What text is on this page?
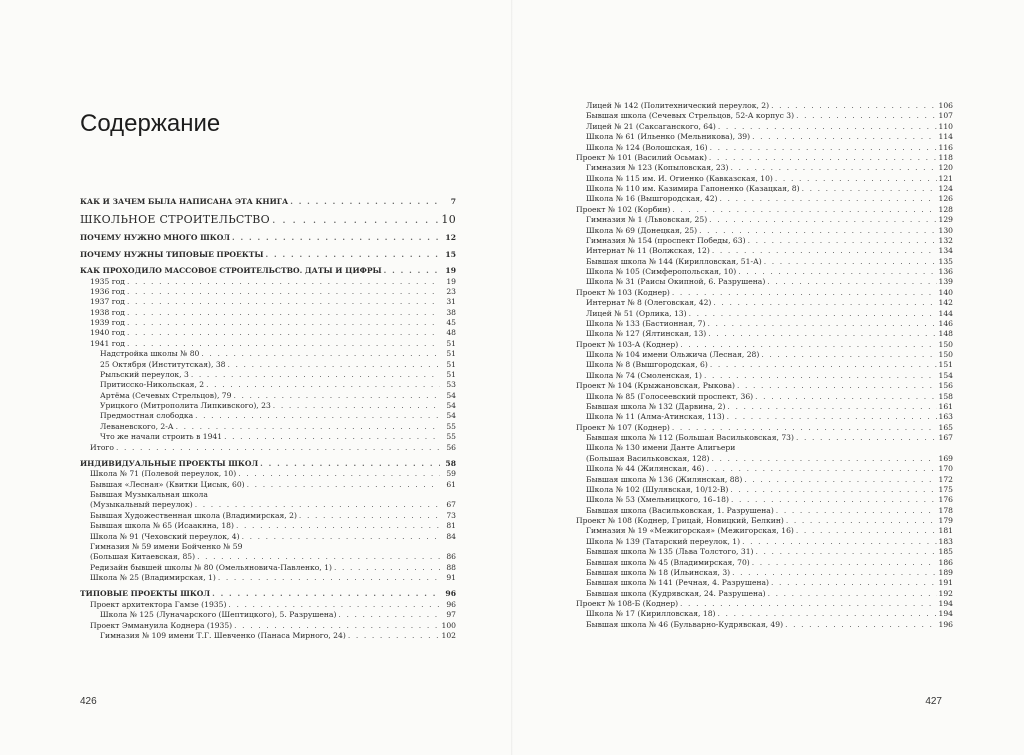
Содержание
КАК И ЗАЧЕМ БЫЛА НАПИСАНА ЭТА КНИГА . . .	7
ШКОЛЬНОЕ СТРОИТЕЛЬСТВО . . .	10
ПОЧЕМУ НУЖНО МНОГО ШКОЛ . . .	12
ПОЧЕМУ НУЖНЫ ТИПОВЫЕ ПРОЕКТЫ . . .	15
КАК ПРОХОДИЛО МАССОВОЕ СТРОИТЕЛЬСТВО. ДАТЫ И ЦИФРЫ . . .	19
1935 год . . .	19
1936 год . . .	23
1937 год . . .	31
1938 год . . .	38
1939 год . . .	45
1940 год . . .	48
1941 год . . .	51
Надстройка школы № 80 . . .	51
25 Октября (Институтская), 38 . . .	51
Рыльский переулок, 3 . . .	51
Притисско-Никольская, 2 . . .	53
Артёма (Сечевых Стрельцов), 79 . . .	54
Урицкого (Митрополита Липкивского), 23 . . .	54
Предмостная слободка . . .	54
Леваневского, 2-А . . .	55
Что же начали строить в 1941 . . .	55
Итого . . .	56
ИНДИВИДУАЛЬНЫЕ ПРОЕКТЫ ШКОЛ . . .	58
Школа № 71 (Полевой переулок, 10) . . .	59
Бывшая «Лесная» (Квитки Цисык, 60) . . .	61
Бывшая Музыкальная школа
(Музыкальный переулок) . . .	67
Бывшая Художественная школа (Владимирская, 2) . . .	73
Бывшая школа № 65 (Исаакяна, 18) . . .	81
Школа № 91 (Чеховский переулок, 4) . . .	84
Гимназия № 59 имени Бойченко № 59
(Большая Китаевская, 85) . . .	86
Редизайн бывшей школы № 80 (Омельяновича-Павленко, 1) . . .	88
Школа № 25 (Владимирская, 1) . . .	91
ТИПОВЫЕ ПРОЕКТЫ ШКОЛ . . .	96
Проект архитектора Гамзе (1935) . . .	96
Школа № 125 (Луначарского (Шептицкого), 5. Разрушена) . . .	97
Проект Эммануила Коднера (1935) . . .	100
Гимназия № 109 имени Т.Г. Шевченко (Панаса Мирного, 24) . . .	102
426
Лицей № 142 (Политехнический переулок, 2) . . .	106
Бывшая школа (Сечевых Стрельцов, 52-А корпус 3) . . .	107
Лицей № 21 (Саксаганского, 64) . . .	110
Школа № 61 (Ильенко (Мельникова), 39) . . .	114
Школа № 124 (Волошская, 16) . . .	116
Проект № 101 (Василий Осьмак) . . .	118
Гимназия № 123 (Копыловская, 23) . . .	120
Школа № 115 им. И. Огиенко (Кавказская, 10) . . .	121
Школа № 110 им. Казимира Гапоненко (Казацкая, 8) . . .	124
Школа № 16 (Вышгородская, 42) . . .	126
Проект № 102 (Корбин) . . .	128
Гимназия № 1 (Львовская, 25) . . .	129
Школа № 69 (Донецкая, 25) . . .	130
Гимназия № 154 (проспект Победы, 63) . . .	132
Интернат № 11 (Волжская, 12) . . .	134
Бывшая школа № 144 (Кирилловская, 51-А) . . .	135
Школа № 105 (Симферопольская, 10) . . .	136
Школа № 31 (Раисы Окипной, 6. Разрушена) . . .	139
Проект № 103 (Коднер) . . .	140
Интернат № 8 (Олеговская, 42) . . .	142
Лицей № 51 (Орлика, 13) . . .	144
Школа № 133 (Бастионная, 7) . . .	146
Школа № 127 (Ялтинская, 13) . . .	148
Проект № 103-А (Коднер) . . .	150
Школа № 104 имени Ольжича (Лесная, 28) . . .	150
Школа № 8 (Вышгородская, 6) . . .	151
Школа № 74 (Смоленская, 1) . . .	154
Проект № 104 (Крыжановская, Рыкова) . . .	156
Школа № 85 (Голосеевский проспект, 36) . . .	158
Бывшая школа № 132 (Дарвина, 2) . . .	161
Школа № 11 (Алма-Атинская, 113) . . .	163
Проект № 107 (Коднер) . . .	165
Бывшая школа № 112 (Большая Васильковская, 73) . . .	167
Школа № 130 имени Данте Алигьери
(Большая Васильковская, 128) . . .	169
Школа № 44 (Жилянская, 46) . . .	170
Бывшая школа № 136 (Жилянская, 88) . . .	172
Школа № 102 (Шулявская, 10/12-В) . . .	175
Школа № 53 (Хмельницкого, 16–18) . . .	176
Бывшая школа (Васильковская, 1. Разрушена) . . .	178
Проект № 108 (Коднер, Грицай, Новицкий, Белкин) . . .	179
Гимназия № 19 «Межигорская» (Межигорская, 16) . . .	181
Школа № 139 (Татарский переулок, 1) . . .	183
Бывшая школа № 135 (Льва Толстого, 31) . . .	185
Бывшая школа № 45 (Владимирская, 70) . . .	186
Бывшая школа № 18 (Ильинская, 3) . . .	189
Бывшая школа № 141 (Речная, 4. Разрушена) . . .	191
Бывшая школа (Кудрявская, 24. Разрушена) . . .	192
Проект № 108-Б (Коднер) . . .	194
Школа № 17 (Кирилловская, 18) . . .	194
Бывшая школа № 46 (Бульварно-Кудрявская, 49) . . .	196
427
